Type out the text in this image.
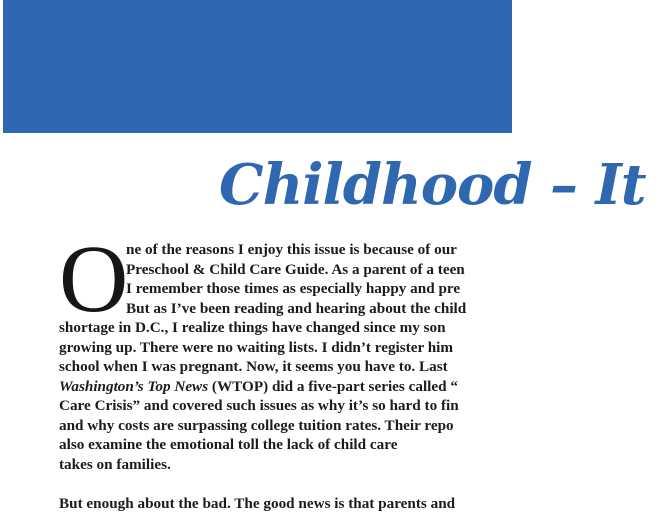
Childhood – It
O
ne of the reasons I enjoy this issue is because of our
Preschool & Child Care Guide. As a parent of a teen
I remember those times as especially happy and pre
But as I’ve been reading and hearing about the child
shortage in D.C., I realize things have changed since my son
growing up. There were no waiting lists. I didn’t register him
school when I was pregnant. Now, it seems you have to. Last
Washington’s Top News (WTOP) did a five-part series called “
Care Crisis” and covered such issues as why it’s so hard to fin
and why costs are surpassing college tuition rates. Their repo
also examine the emotional toll the lack of child care
takes on families.
But enough about the bad. The good news is that parents and
